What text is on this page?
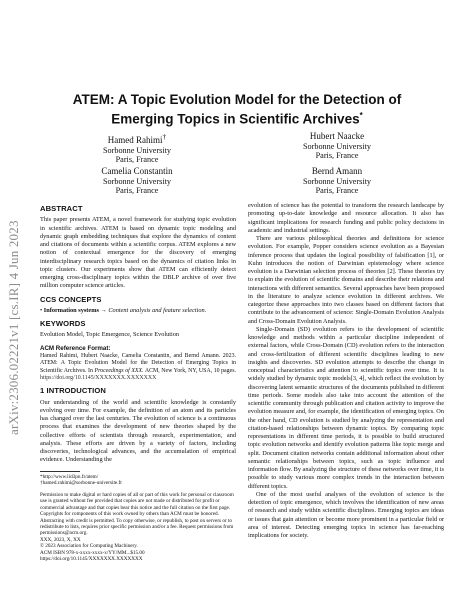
arXiv:2306.02221v1 [cs.IR] 4 Jun 2023
ATEM: A Topic Evolution Model for the Detection of
Emerging Topics in Scientific Archives*
Hamed Rahimi†
Sorbonne University
Paris, France
Hubert Naacke
Sorbonne University
Paris, France
Camelia Constantin
Sorbonne University
Paris, France
Bernd Amann
Sorbonne University
Paris, France
ABSTRACT

This paper presents ATEM, a novel framework for studying topic evolution in scientific archives. ATEM is based on dynamic topic modeling and dynamic graph embedding techniques that explore the dynamics of content and citations of documents within a scientific corpus. ATEM explores a new notion of contextual emergence for the discovery of emerging interdisciplinary research topics based on the dynamics of citation links in topic clusters. Our experiments show that ATEM can efficiently detect emerging cross-disciplinary topics within the DBLP archive of over five million computer science articles.

CCS CONCEPTS

• Information systems → Content analysis and feature selection.

KEYWORDS

Evolution Model, Topic Emergence, Science Evolution

ACM Reference Format:

Hamed Rahimi, Hubert Naacke, Camelia Constantin, and Bernd Amann. 2023. ATEM: A Topic Evolution Model for the Detection of Emerging Topics in Scientific Archives. In Proceedings of XXX. ACM, New York, NY, USA, 10 pages. https://doi.org/10.1145/XXXXXXX.XXXXXXX

1 INTRODUCTION

Our understanding of the world and scientific knowledge is constantly evolving over time. For example, the definition of an atom and its particles has changed over the last centuries. The evolution of science is a continuous process that examines the development of new theories shaped by the collective efforts of scientists through research, experimentation, and analysis. These efforts are driven by a variety of factors, including discoveries, technological advances, and the accumulation of empirical evidence. Understanding the

*http://www.lid3pn.fr/atem/
†hamed.rahimi@sorbonne-universite.fr
Permission to make digital or hard copies of all or part of this work for personal or classroom use is granted without fee provided that copies are not made or distributed for profit or commercial advantage and that copies bear this notice and the full citation on the first page. Copyrights for components of this work owned by others than ACM must be honored. Abstracting with credit is permitted. To copy otherwise, or republish, to post on servers or to redistribute to lists, requires prior specific permission and/or a fee. Request permissions from permissions@acm.org.
XXX, 2023, X, XX
© 2023 Association for Computing Machinery.
ACM ISBN 978-x-xxxx-xxxx-x/YY/MM...$15.00
https://doi.org/10.1145/XXXXXXX.XXXXXXX

evolution of science has the potential to transform the research landscape by promoting up-to-date knowledge and resource allocation. It also has significant implications for research funding and public policy decisions in academic and industrial settings.

There are various philosophical theories and definitions for science evolution. For example, Popper considers science evolution as a Bayesian inference process that updates the logical possibility of falsification [1], or Kuhn introduces the notion of Darwinian epistemology where science evolution is a Darwinian selection process of theories [2]. These theories try to explain the evolution of scientific domains and describe their relations and interactions with different semantics. Several approaches have been proposed in the literature to analyze science evolution in different archives. We categorize these approaches into two classes based on different factors that contribute to the advancement of science: Single-Domain Evolution Analysis and Cross-Domain Evolution Analysis.

Single-Domain (SD) evolution refers to the development of scientific knowledge and methods within a particular discipline independent of external factors, while Cross-Domain (CD) evolution refers to the interaction and cross-fertilization of different scientific disciplines leading to new insights and discoveries. SD evolution attempts to describe the change in conceptual characteristics and attention to scientific topics over time. It is widely studied by dynamic topic models[3, 4], which reflect the evolution by discovering latent semantic structures of the documents published in different time periods. Some models also take into account the attention of the scientific community through publication and citation activity to improve the evolution measure and, for example, the identification of emerging topics. On the other hand, CD evolution is studied by analyzing the representation and citation-based relationships between dynamic topics. By comparing topic representations in different time periods, it is possible to build structured topic evolution networks and identify evolution patterns like topic merge and split. Document citation networks contain additional information about other semantic relationships between topics, such as topic influence and information flow. By analyzing the structure of these networks over time, it is possible to study various more complex trends in the interaction between different topics.

One of the most useful analyses of the evolution of science is the detection of topic emergence, which involves the identification of new areas of research and study within scientific disciplines. Emerging topics are ideas or issues that gain attention or become more prominent in a particular field or area of interest. Detecting emerging topics in science has far-reaching implications for society.
